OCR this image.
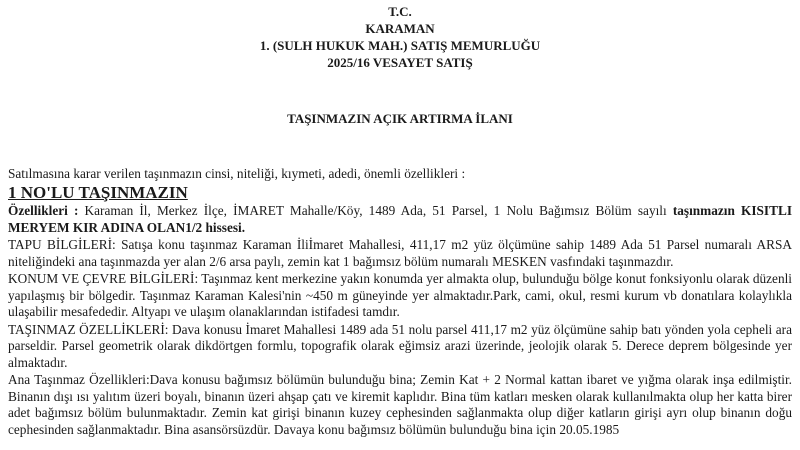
T.C.
KARAMAN
1. (SULH HUKUK MAH.) SATIŞ MEMURLUĞU
2025/16 VESAYET SATIŞ
TAŞINMAZIN AÇIK ARTIRMA İLANI
Satılmasına karar verilen taşınmazın cinsi, niteliği, kıymeti, adedi, önemli özellikleri :
1 NO'LU TAŞINMAZIN

Özellikleri : Karaman İl, Merkez İlçe, İMARET Mahalle/Köy, 1489 Ada, 51 Parsel, 1 Nolu Bağımsız Bölüm sayılı taşınmazın KISITLI MERYEM KIR ADINA OLAN1/2 hissesi.

TAPU BİLGİLERİ: Satışa konu taşınmaz Karaman İliİmaret Mahallesi, 411,17 m2 yüz ölçümüne sahip 1489 Ada 51 Parsel numaralı ARSA niteliğindeki ana taşınmazda yer alan 2/6 arsa paylı, zemin kat 1 bağımsız bölüm numaralı MESKEN vasfındaki taşınmazdır.

KONUM VE ÇEVRE BİLGİLERİ: Taşınmaz kent merkezine yakın konumda yer almakta olup, bulunduğu bölge konut fonksiyonlu olarak düzenli yapılaşmış bir bölgedir. Taşınmaz Karaman Kalesi'nin ~450 m güneyinde yer almaktadır.Park, cami, okul, resmi kurum vb donatılara kolaylıkla ulaşabilir mesafededir. Altyapı ve ulaşım olanaklarından istifadesi tamdır.

TAŞINMAZ ÖZELLİKLERİ: Dava konusu İmaret Mahallesi 1489 ada 51 nolu parsel 411,17 m2 yüz ölçümüne sahip batı yönden yola cepheli ara parseldir. Parsel geometrik olarak dikdörtgen formlu, topografik olarak eğimsiz arazi üzerinde, jeolojik olarak 5. Derece deprem bölgesinde yer almaktadır.

Ana Taşınmaz Özellikleri:Dava konusu bağımsız bölümün bulunduğu bina; Zemin Kat + 2 Normal kattan ibaret ve yığma olarak inşa edilmiştir. Binanın dışı ısı yalıtım üzeri boyalı, binanın üzeri ahşap çatı ve kiremit kaplıdır. Bina tüm katları mesken olarak kullanılmakta olup her katta birer adet bağımsız bölüm bulunmaktadır. Zemin kat girişi binanın kuzey cephesinden sağlanmakta olup diğer katların girişi ayrı olup binanın doğu cephesinden sağlanmaktadır. Bina asansörsüzdür. Davaya konu bağımsız bölümün bulunduğu bina için 20.05.1985
